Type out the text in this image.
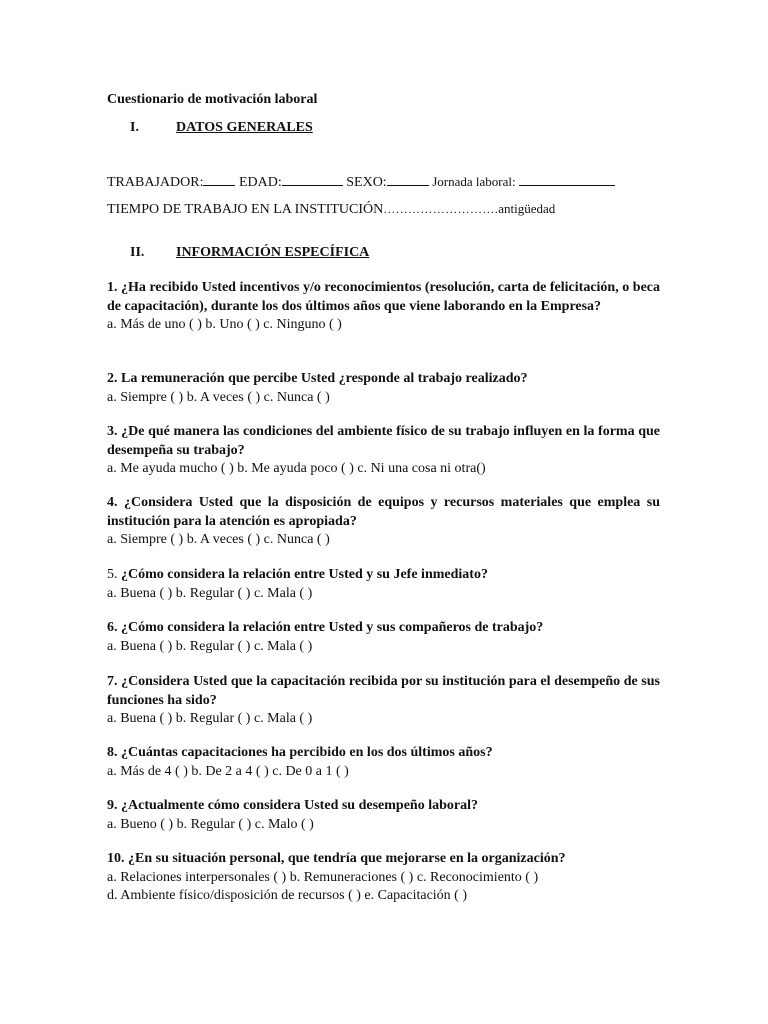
Cuestionario de motivación laboral
I.	DATOS GENERALES
TRABAJADOR:	EDAD:	SEXO:	Jornada laboral:
TIEMPO DE TRABAJO EN LA INSTITUCIÓN……………………….antigüedad
II. INFORMACIÓN ESPECÍFICA
1. ¿Ha recibido Usted incentivos y/o reconocimientos (resolución, carta de felicitación, o beca de capacitación), durante los dos últimos años que viene laborando en la Empresa?
a. Más de uno ( ) b. Uno ( ) c. Ninguno ( )
2. La remuneración que percibe Usted ¿responde al trabajo realizado?
a. Siempre ( ) b. A veces ( ) c. Nunca ( )
3. ¿De qué manera las condiciones del ambiente físico de su trabajo influyen en la forma que desempeña su trabajo?
a. Me ayuda mucho ( ) b. Me ayuda poco ( ) c. Ni una cosa ni otra()
4. ¿Considera Usted que la disposición de equipos y recursos materiales que emplea su institución para la atención es apropiada?
a. Siempre ( ) b. A veces ( ) c. Nunca ( )
5. ¿Cómo considera la relación entre Usted y su Jefe inmediato?
a. Buena ( ) b. Regular ( ) c. Mala ( )
6. ¿Cómo considera la relación entre Usted y sus compañeros de trabajo?
a. Buena ( ) b. Regular ( ) c. Mala ( )
7. ¿Considera Usted que la capacitación recibida por su institución para el desempeño de sus funciones ha sido?
a. Buena ( ) b. Regular ( ) c. Mala ( )
8. ¿Cuántas capacitaciones ha percibido en los dos últimos años?
a. Más de 4 ( ) b. De 2 a 4 ( ) c. De 0 a 1 ( )
9. ¿Actualmente cómo considera Usted su desempeño laboral?
a. Bueno ( ) b. Regular ( ) c. Malo ( )
10. ¿En su situación personal, que tendría que mejorarse en la organización?
a. Relaciones interpersonales ( ) b. Remuneraciones ( ) c. Reconocimiento ( )
d. Ambiente físico/disposición de recursos ( ) e. Capacitación ( )
